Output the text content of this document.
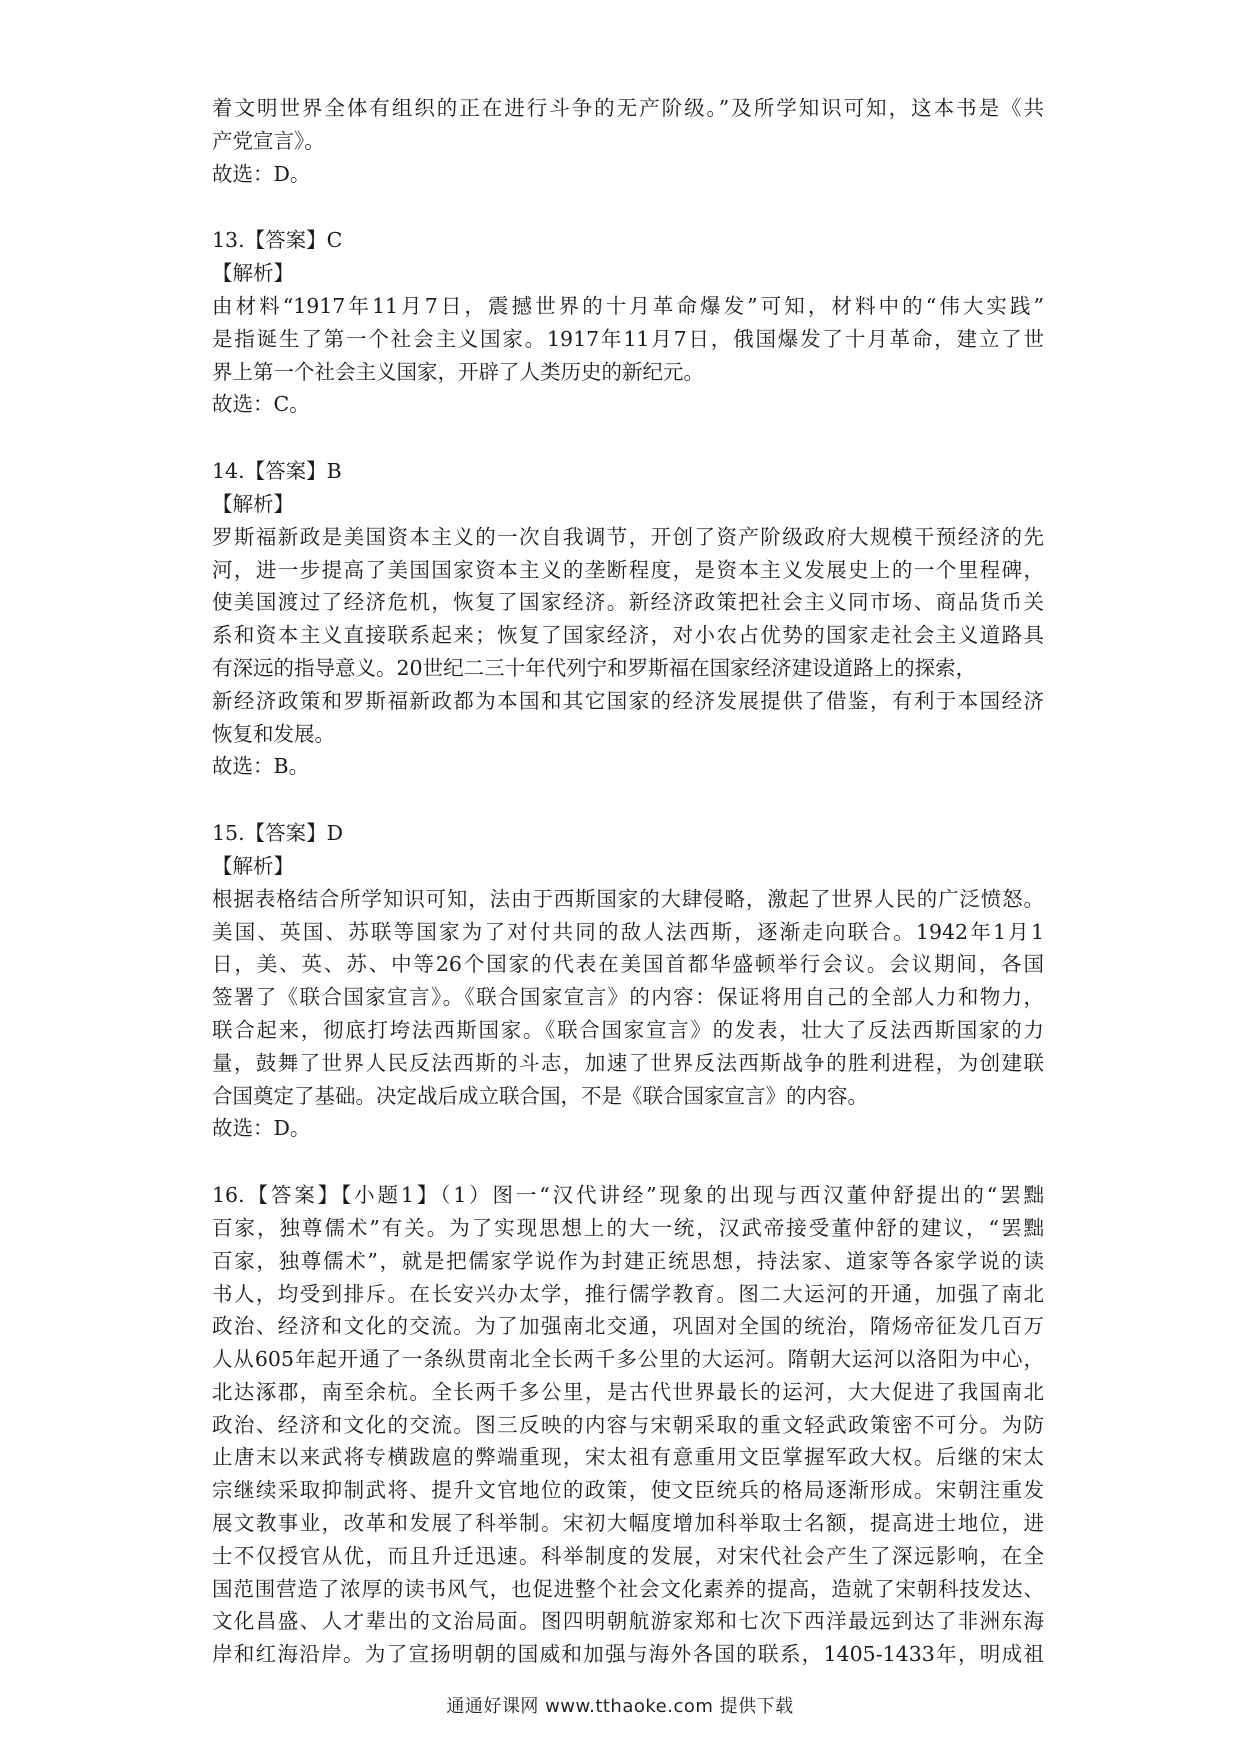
着文明世界全体有组织的正在进行斗争的无产阶级。”及所学知识可知，这本书是《共
产党宣言》。
故选：D。
13.【答案】C
【解析】
由材料“1917年11月7日，震撼世界的十月革命爆发”可知，材料中的“伟大实践”
是指诞生了第一个社会主义国家。1917年11月7日，俄国爆发了十月革命，建立了世
界上第一个社会主义国家，开辟了人类历史的新纪元。
故选：C。
14.【答案】B
【解析】
罗斯福新政是美国资本主义的一次自我调节，开创了资产阶级政府大规模干预经济的先
河，进一步提高了美国国家资本主义的垄断程度，是资本主义发展史上的一个里程碑，
使美国渡过了经济危机，恢复了国家经济。新经济政策把社会主义同市场、商品货币关
系和资本主义直接联系起来；恢复了国家经济，对小农占优势的国家走社会主义道路具
有深远的指导意义。20世纪二三十年代列宁和罗斯福在国家经济建设道路上的探索，
新经济政策和罗斯福新政都为本国和其它国家的经济发展提供了借鉴，有利于本国经济
恢复和发展。
故选：B。
15.【答案】D
【解析】
根据表格结合所学知识可知，法由于西斯国家的大肆侵略，激起了世界人民的广泛愤怒。
美国、英国、苏联等国家为了对付共同的敌人法西斯，逐渐走向联合。1942年1月1
日，美、英、苏、中等26个国家的代表在美国首都华盛顿举行会议。会议期间，各国
签署了《联合国家宣言》。《联合国家宣言》的内容：保证将用自己的全部人力和物力，
联合起来，彻底打垮法西斯国家。《联合国家宣言》的发表，壮大了反法西斯国家的力
量，鼓舞了世界人民反法西斯的斗志，加速了世界反法西斯战争的胜利进程，为创建联
合国奠定了基础。决定战后成立联合国，不是《联合国家宣言》的内容。
故选：D。
16.【答案】【小题1】（1）图一“汉代讲经”现象的出现与西汉董仲舒提出的“罢黜
百家，独尊儒术”有关。为了实现思想上的大一统，汉武帝接受董仲舒的建议，“罢黜
百家，独尊儒术”，就是把儒家学说作为封建正统思想，持法家、道家等各家学说的读
书人，均受到排斥。在长安兴办太学，推行儒学教育。图二大运河的开通，加强了南北
政治、经济和文化的交流。为了加强南北交通，巩固对全国的统治，隋炀帝征发几百万
人从605年起开通了一条纵贯南北全长两千多公里的大运河。隋朝大运河以洛阳为中心，
北达涿郡，南至余杭。全长两千多公里，是古代世界最长的运河，大大促进了我国南北
政治、经济和文化的交流。图三反映的内容与宋朝采取的重文轻武政策密不可分。为防
止唐末以来武将专横跋扈的弊端重现，宋太祖有意重用文臣掌握军政大权。后继的宋太
宗继续采取抑制武将、提升文官地位的政策，使文臣统兵的格局逐渐形成。宋朝注重发
展文教事业，改革和发展了科举制。宋初大幅度增加科举取士名额，提高进士地位，进
士不仅授官从优，而且升迁迅速。科举制度的发展，对宋代社会产生了深远影响，在全
国范围营造了浓厚的读书风气，也促进整个社会文化素养的提高，造就了宋朝科技发达、
文化昌盛、人才辈出的文治局面。图四明朝航游家郑和七次下西洋最远到达了非洲东海
岸和红海沿岸。为了宣扬明朝的国威和加强与海外各国的联系，1405-1433年，明成祖
通通好课网 www.tthaoke.com 提供下载
